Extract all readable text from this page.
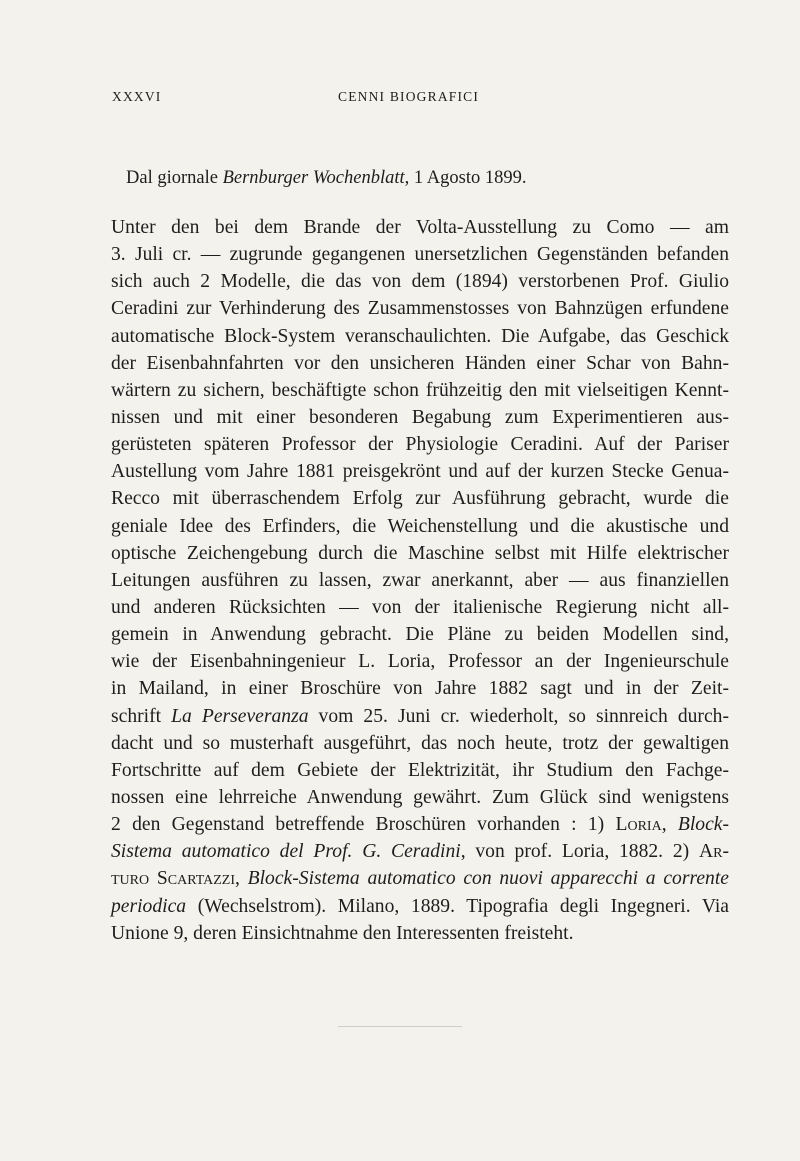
XXXVI	CENNI BIOGRAFICI
Dal giornale Bernburger Wochenblatt, 1 Agosto 1899.
Unter den bei dem Brande der Volta-Ausstellung zu Como — am
3. Juli cr. — zugrunde gegangenen unersetzlichen Gegenständen befanden
sich auch 2 Modelle, die das von dem (1894) verstorbenen Prof. Giulio
Ceradini zur Verhinderung des Zusammenstosses von Bahnzügen erfundene
automatische Block-System veranschaulichten. Die Aufgabe, das Geschick
der Eisenbahnfahrten vor den unsicheren Händen einer Schar von Bahn-
wärtern zu sichern, beschäftigte schon frühzeitig den mit vielseitigen Kennt-
nissen und mit einer besonderen Begabung zum Experimentieren aus-
gerüsteten späteren Professor der Physiologie Ceradini. Auf der Pariser
Austellung vom Jahre 1881 preisgekrönt und auf der kurzen Stecke Genua-
Recco mit überraschendem Erfolg zur Ausführung gebracht, wurde die
geniale Idee des Erfinders, die Weichenstellung und die akustische und
optische Zeichengebung durch die Maschine selbst mit Hilfe elektrischer
Leitungen ausführen zu lassen, zwar anerkannt, aber — aus finanziellen
und anderen Rücksichten — von der italienische Regierung nicht all-
gemein in Anwendung gebracht. Die Pläne zu beiden Modellen sind,
wie der Eisenbahningenieur L. Loria, Professor an der Ingenieurschule
in Mailand, in einer Broschüre von Jahre 1882 sagt und in der Zeit-
schrift La Perseveranza vom 25. Juni cr. wiederholt, so sinnreich durch-
dacht und so musterhaft ausgeführt, das noch heute, trotz der gewaltigen
Fortschritte auf dem Gebiete der Elektrizität, ihr Studium den Fachge-
nossen eine lehrreiche Anwendung gewährt. Zum Glück sind wenigstens
2 den Gegenstand betreffende Broschüren vorhanden : 1) Loria, Block-
Sistema automatico del Prof. G. Ceradini, von prof. Loria, 1882. 2) Ar-
turo Scartazzi, Block-Sistema automatico con nuovi apparecchi a corrente
periodica (Wechselstrom). Milano, 1889. Tipografia degli Ingegneri. Via
Unione 9, deren Einsichtnahme den Interessenten freisteht.
